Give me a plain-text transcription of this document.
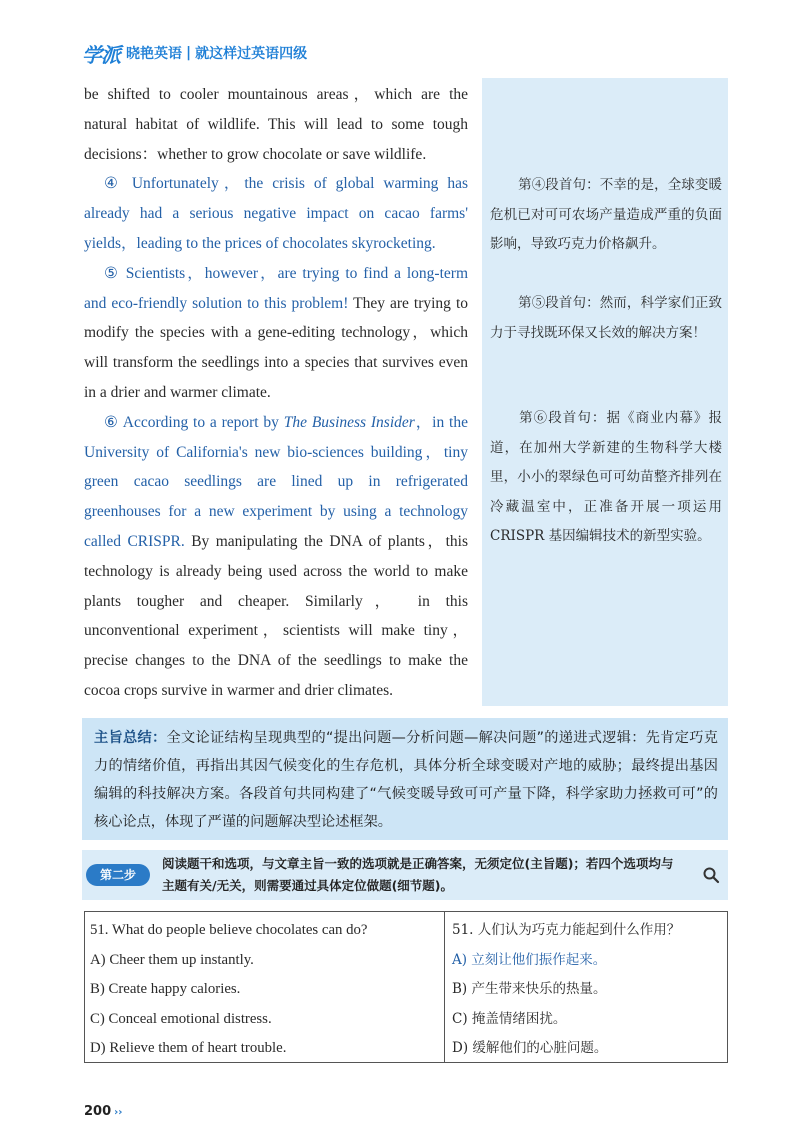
学派 晓艳英语 | 就这样过英语四级

be shifted to cooler mountainous areas，which are the natural habitat of wildlife. This will lead to some tough decisions：whether to grow chocolate or save wildlife.

④ Unfortunately，the crisis of global warming has already had a serious negative impact on cacao farms' yields，leading to the prices of chocolates skyrocketing.

⑤ Scientists，however，are trying to find a long-term and eco-friendly solution to this problem! They are trying to modify the species with a gene-editing technology，which will transform the seedlings into a species that survives even in a drier and warmer climate.

⑥ According to a report by The Business Insider，in the University of California's new bio-sciences building，tiny green cacao seedlings are lined up in refrigerated greenhouses for a new experiment by using a technology called CRISPR. By manipulating the DNA of plants，this technology is already being used across the world to make plants tougher and cheaper. Similarly， in this unconventional experiment，scientists will make tiny，precise changes to the DNA of the seedlings to make the cocoa crops survive in warmer and drier climates.

第④段首句：不幸的是，全球变暖危机已对可可农场产量造成严重的负面影响，导致巧克力价格飙升。
第⑤段首句：然而，科学家们正致力于寻找既环保又长效的解决方案！
第⑥段首句：据《商业内幕》报道，在加州大学新建的生物科学大楼里，小小的翠绿色可可幼苗整齐排列在冷藏温室中，正准备开展一项运用 CRISPR 基因编辑技术的新型实验。
主旨总结：全文论证结构呈现典型的“提出问题—分析问题—解决问题”的递进式逻辑：先肯定巧克力的情绪价值，再指出其因气候变化的生存危机，具体分析全球变暖对产地的威胁；最终提出基因编辑的科技解决方案。各段首句共同构建了“气候变暖导致可可产量下降，科学家助力拯救可可”的核心论点，体现了严谨的问题解决型论述框架。
第二步
阅读题干和选项，与文章主旨一致的选项就是正确答案，无须定位(主旨题)；若四个选项均与主题有关/无关，则需要通过具体定位做题(细节题)。
51. What do people believe chocolates can do?
A) Cheer them up instantly.
B) Create happy calories.
C) Conceal emotional distress.
D) Relieve them of heart trouble.
51. 人们认为巧克力能起到什么作用？
A) 立刻让他们振作起来。
B) 产生带来快乐的热量。
C) 掩盖情绪困扰。
D) 缓解他们的心脏问题。
200 ››
